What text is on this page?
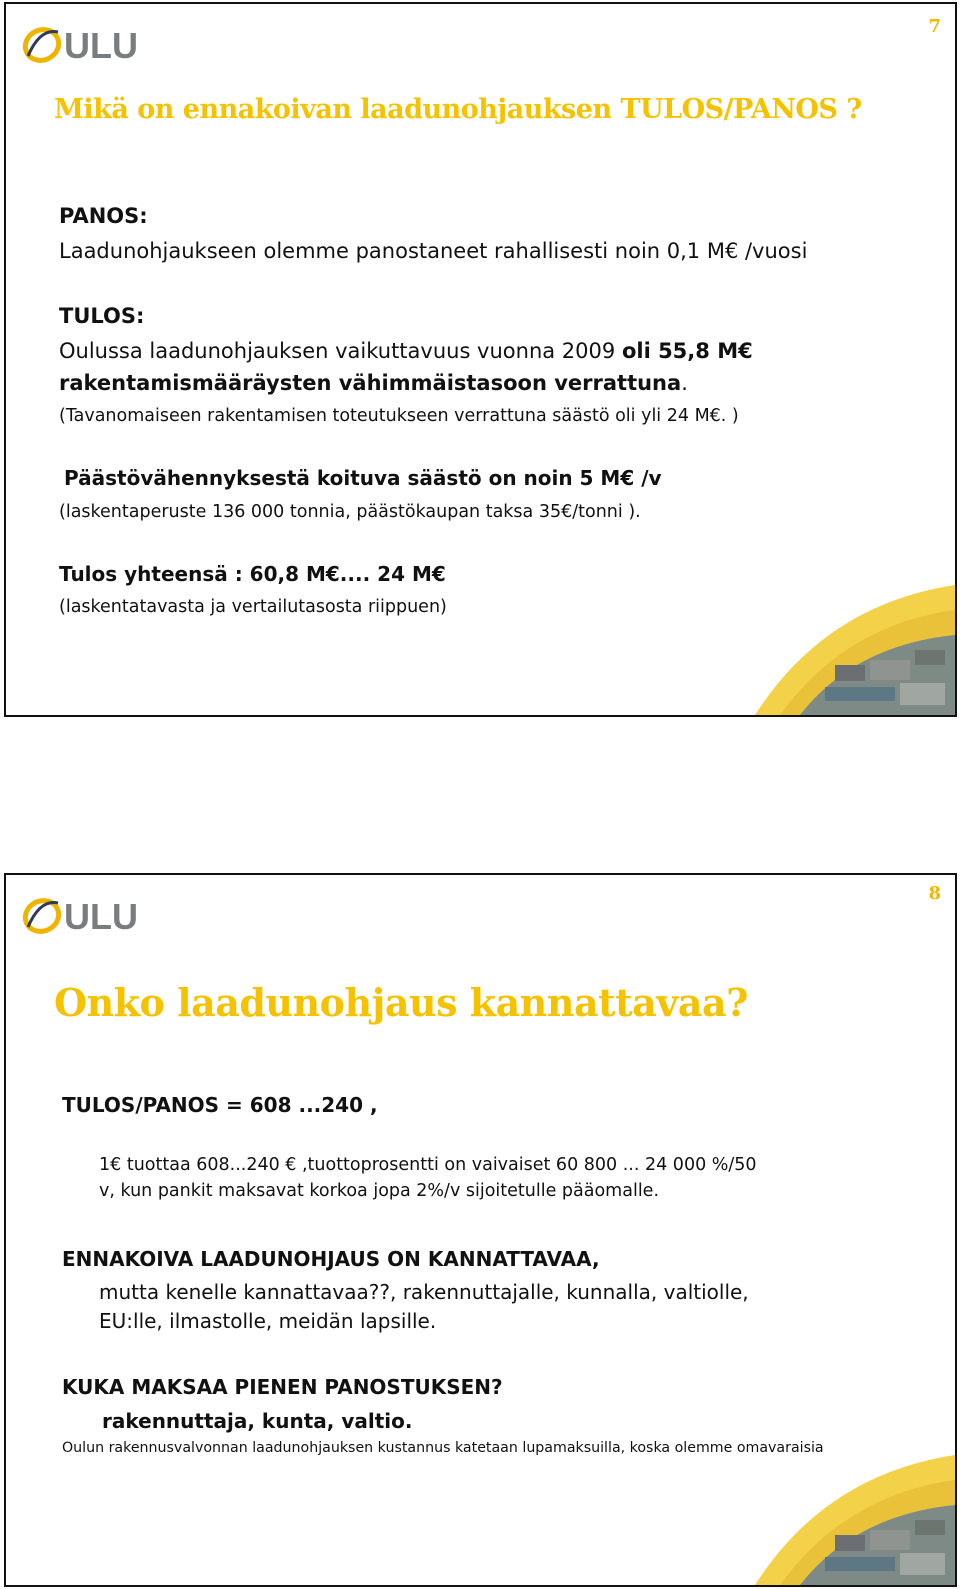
ULU	7
Mikä on ennakoivan laadunohjauksen TULOS/PANOS ?
PANOS:
Laadunohjaukseen olemme panostaneet rahallisesti noin 0,1 M€ /vuosi
TULOS:
Oulussa laadunohjauksen vaikuttavuus vuonna 2009 oli 55,8 M€
rakentamismääräysten vähimmäistasoon verrattuna.
(Tavanomaiseen rakentamisen toteutukseen verrattuna säästö oli yli 24 M€. )
Päästövähennyksestä koituva säästö on noin 5 M€ /v
(laskentaperuste 136 000 tonnia, päästökaupan taksa 35€/tonni ).
Tulos yhteensä : 60,8 M€.... 24 M€
(laskentatavasta ja vertailutasosta riippuen)
ULU
8
Onko laadunohjaus kannattavaa?
TULOS/PANOS = 608 ...240 ,
1€ tuottaa 608...240 € ,tuottoprosentti on vaivaiset 60 800 ... 24 000 %/50
v, kun pankit maksavat korkoa jopa 2%/v sijoitetulle pääomalle.
ENNAKOIVA LAADUNOHJAUS ON KANNATTAVAA,
mutta kenelle kannattavaa??, rakennuttajalle, kunnalla, valtiolle,
EU:lle, ilmastolle, meidän lapsille.
KUKA MAKSAA PIENEN PANOSTUKSEN?
rakennuttaja, kunta, valtio.
Oulun rakennusvalvonnan laadunohjauksen kustannus katetaan lupamaksuilla, koska olemme omavaraisia
